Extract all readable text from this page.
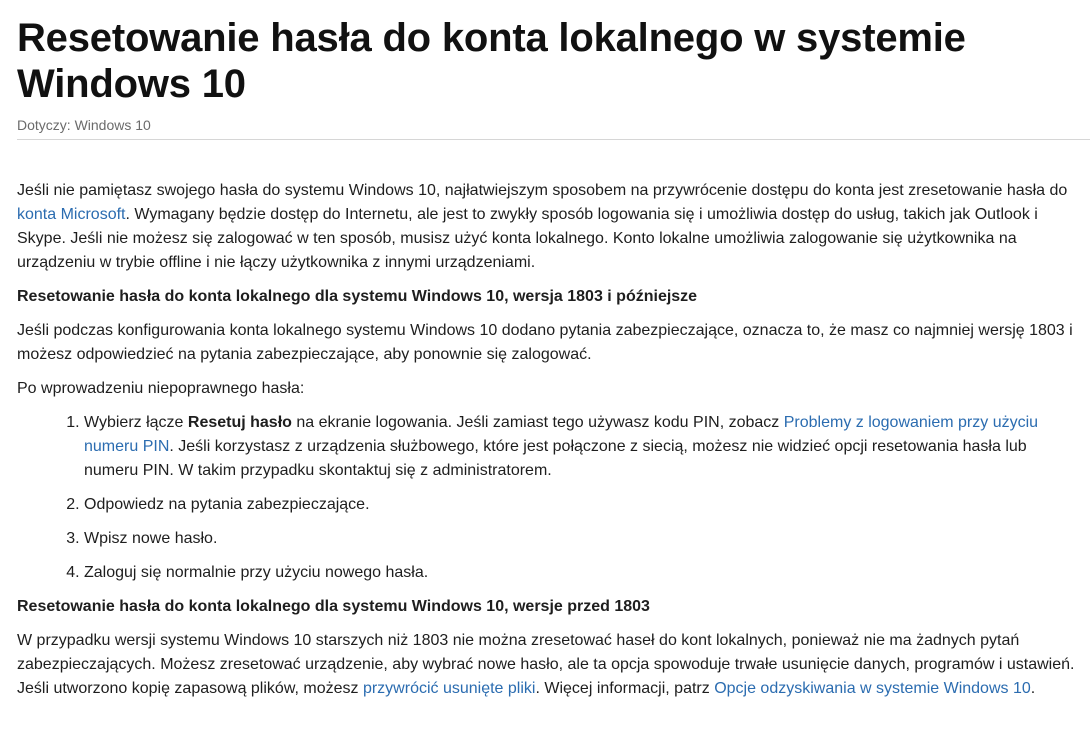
Resetowanie hasła do konta lokalnego w systemie Windows 10
Dotyczy: Windows 10

Jeśli nie pamiętasz swojego hasła do systemu Windows 10, najłatwiejszym sposobem na przywrócenie dostępu do konta jest zresetowanie hasła do konta Microsoft. Wymagany będzie dostęp do Internetu, ale jest to zwykły sposób logowania się i umożliwia dostęp do usług, takich jak Outlook i Skype. Jeśli nie możesz się zalogować w ten sposób, musisz użyć konta lokalnego. Konto lokalne umożliwia zalogowanie się użytkownika na urządzeniu w trybie offline i nie łączy użytkownika z innymi urządzeniami.

Resetowanie hasła do konta lokalnego dla systemu Windows 10, wersja 1803 i późniejsze

Jeśli podczas konfigurowania konta lokalnego systemu Windows 10 dodano pytania zabezpieczające, oznacza to, że masz co najmniej wersję 1803 i możesz odpowiedzieć na pytania zabezpieczające, aby ponownie się zalogować.

Po wprowadzeniu niepoprawnego hasła:

1. Wybierz łącze Resetuj hasło na ekranie logowania. Jeśli zamiast tego używasz kodu PIN, zobacz Problemy z logowaniem przy użyciu numeru PIN. Jeśli korzystasz z urządzenia służbowego, które jest połączone z siecią, możesz nie widzieć opcji resetowania hasła lub numeru PIN. W takim przypadku skontaktuj się z administratorem.
2. Odpowiedz na pytania zabezpieczające.
3. Wpisz nowe hasło.
4. Zaloguj się normalnie przy użyciu nowego hasła.
Resetowanie hasła do konta lokalnego dla systemu Windows 10, wersje przed 1803

W przypadku wersji systemu Windows 10 starszych niż 1803 nie można zresetować haseł do kont lokalnych, ponieważ nie ma żadnych pytań zabezpieczających. Możesz zresetować urządzenie, aby wybrać nowe hasło, ale ta opcja spowoduje trwałe usunięcie danych, programów i ustawień. Jeśli utworzono kopię zapasową plików, możesz przywrócić usunięte pliki. Więcej informacji, patrz Opcje odzyskiwania w systemie Windows 10.
